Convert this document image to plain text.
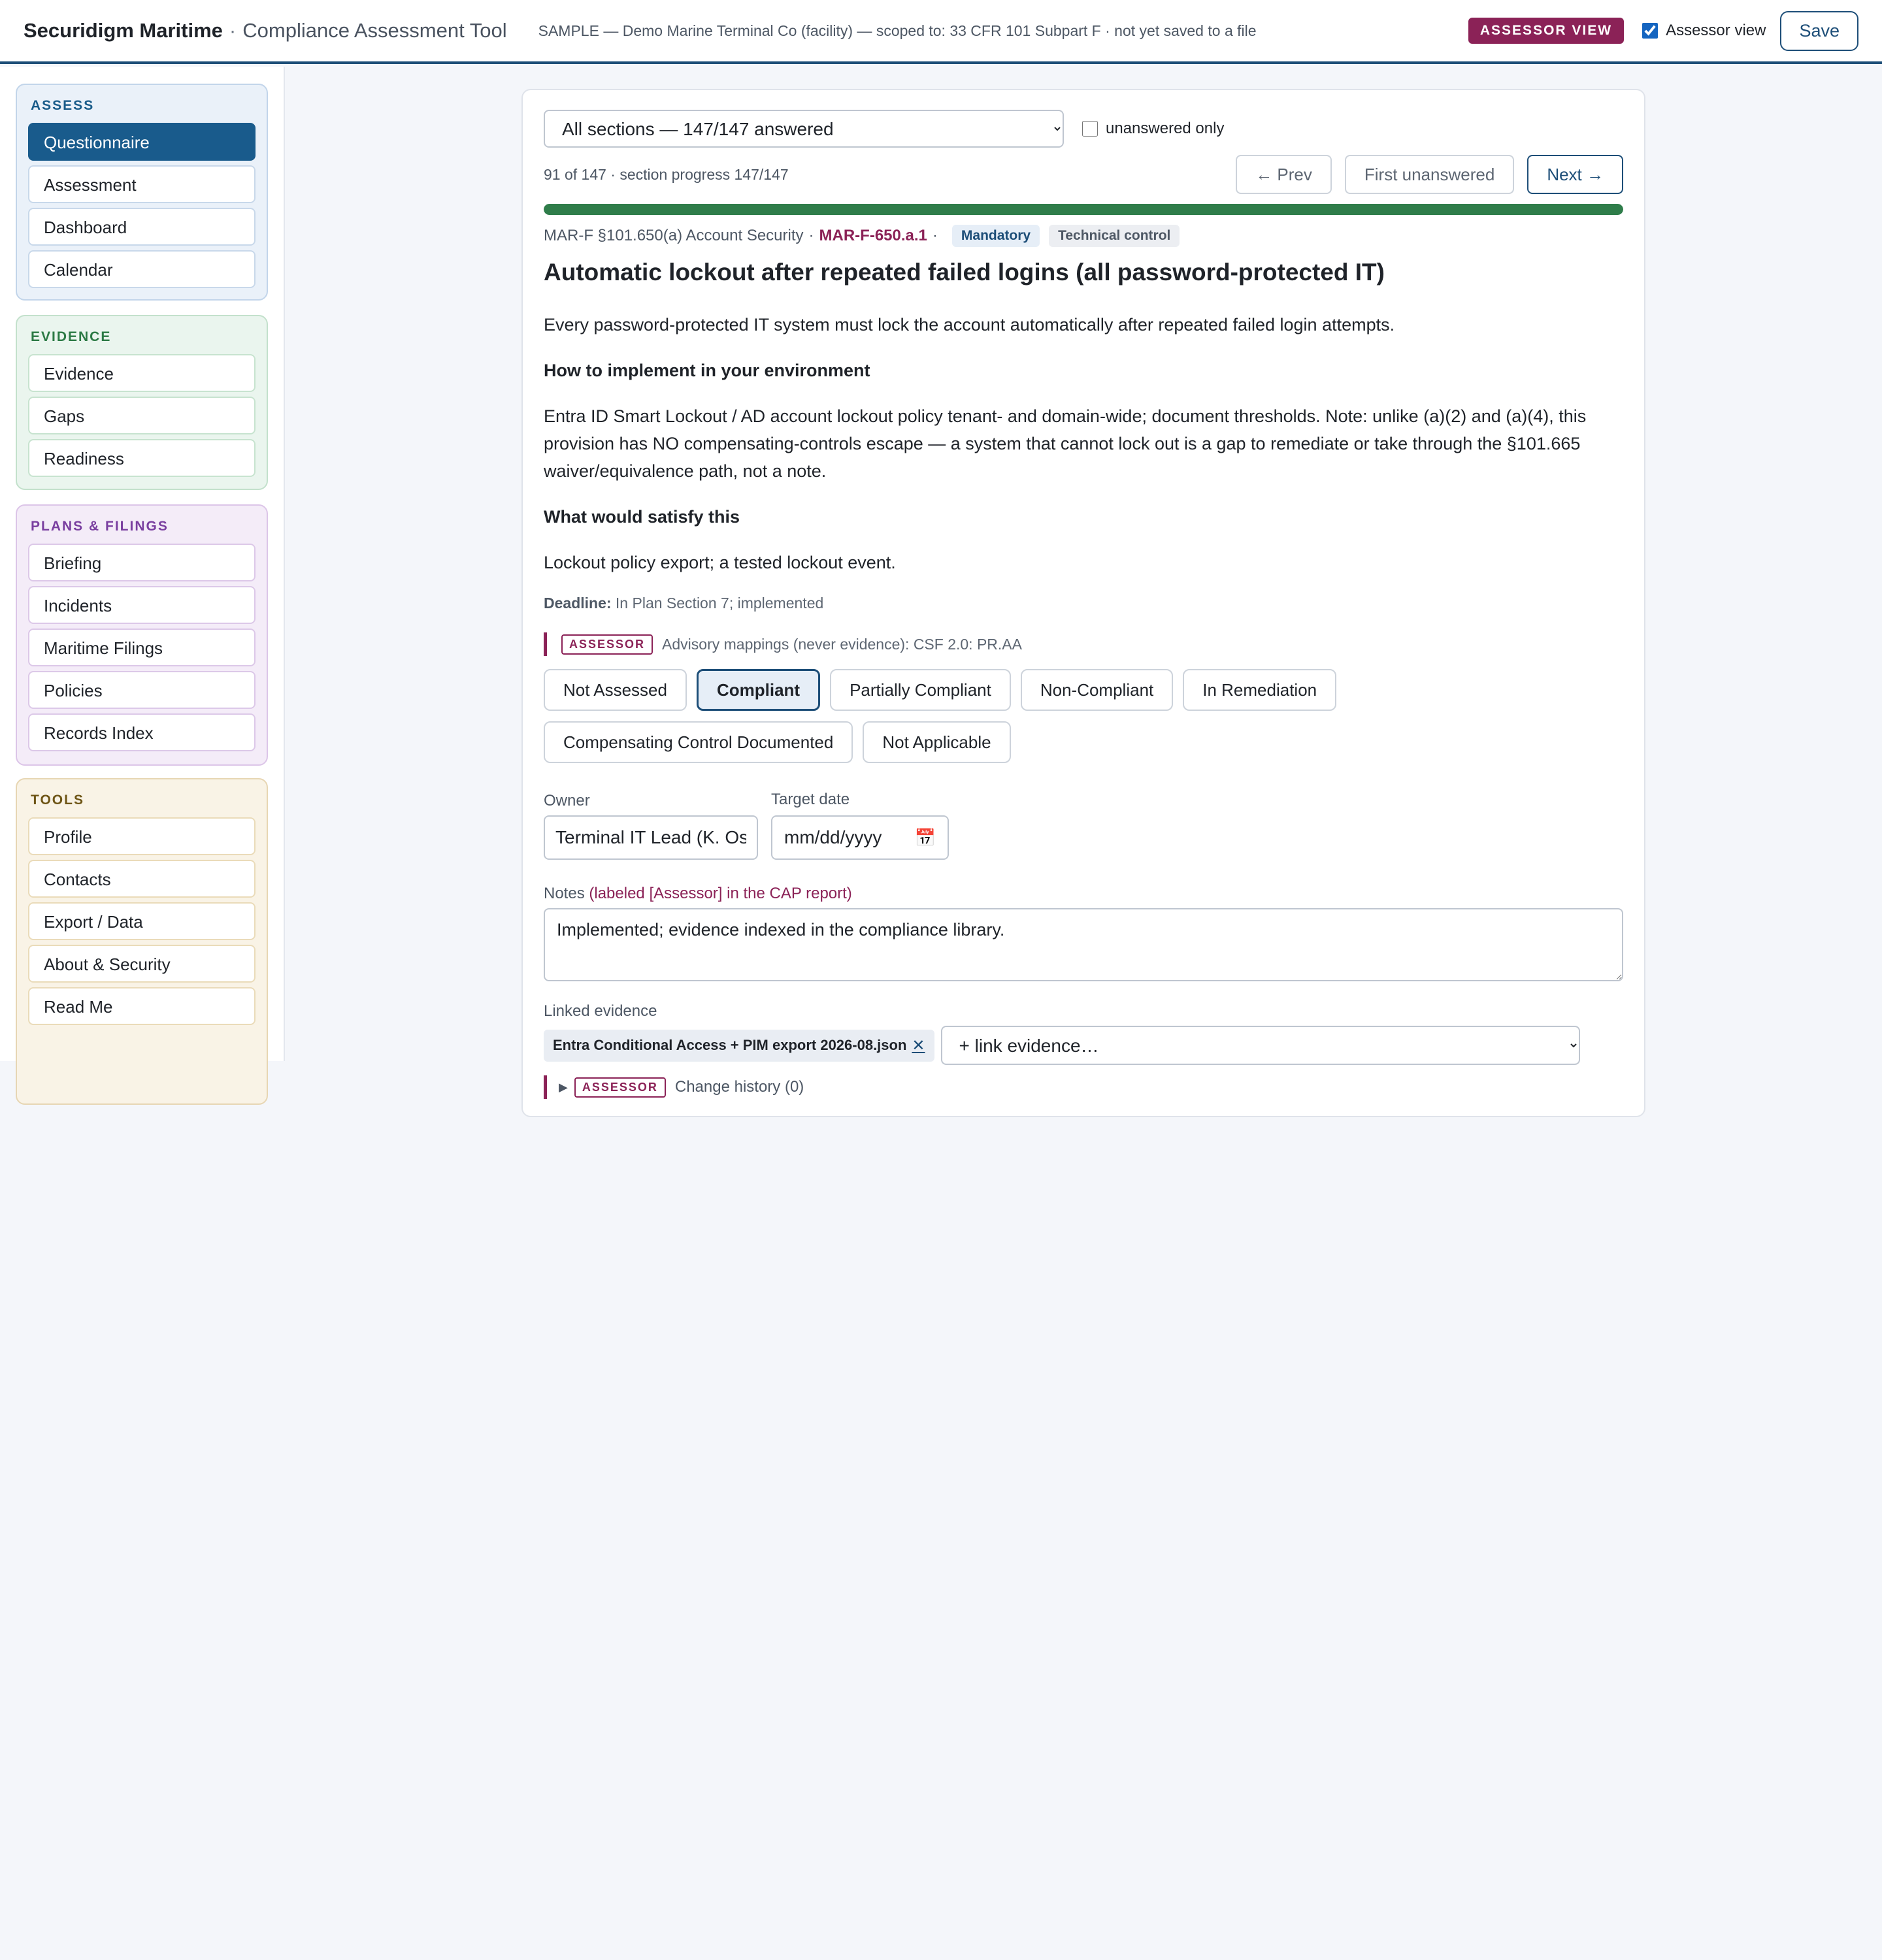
Securidigm Maritime · Compliance Assessment Tool SAMPLE — Demo Marine Terminal Co (facility) — scoped to: 33 CFR 101 Subpart F · not yet saved to a file	ASSESSOR VIEW	Assessor view	Save
ASSESS
Questionnaire
Assessment
Dashboard
Calendar
EVIDENCE
Evidence
Gaps
Readiness
PLANS & FILINGS
Briefing
Incidents
Maritime Filings
Policies
Records Index
TOOLS
Profile
Contacts
Export / Data
About & Security
Read Me
All sections — 147/147 answered
unanswered only
91 of 147 · section progress 147/147	← Prev	First unanswered	Next →
MAR-F §101.650(a) Account Security · MAR-F-650.a.1 ·	Mandatory	Technical control
Automatic lockout after repeated failed logins (all password-protected IT)

Every password-protected IT system must lock the account automatically after repeated failed login attempts.

How to implement in your environment

Entra ID Smart Lockout / AD account lockout policy tenant- and domain-wide; document thresholds. Note: unlike (a)(2) and (a)(4), this provision has NO compensating-controls escape — a system that cannot lock out is a gap to remediate or take through the §101.665 waiver/equivalence path, not a note.

What would satisfy this

Lockout policy export; a tested lockout event.

Deadline: In Plan Section 7; implemented
ASSESSOR	Advisory mappings (never evidence): CSF 2.0: PR.AA
Not Assessed	Compliant	Partially Compliant	Non-Compliant	In Remediation
Compensating Control Documented	Not Applicable
Owner
Terminal IT Lead (K. Os	Target date
mm/dd/yyyy 📅
Notes (labeled [Assessor] in the CAP report)
Implemented; evidence indexed in the compliance library.
Linked evidence
Entra Conditional Access + PIM export 2026-08.json ✕
+ link evidence…
▶	ASSESSOR	Change history (0)
